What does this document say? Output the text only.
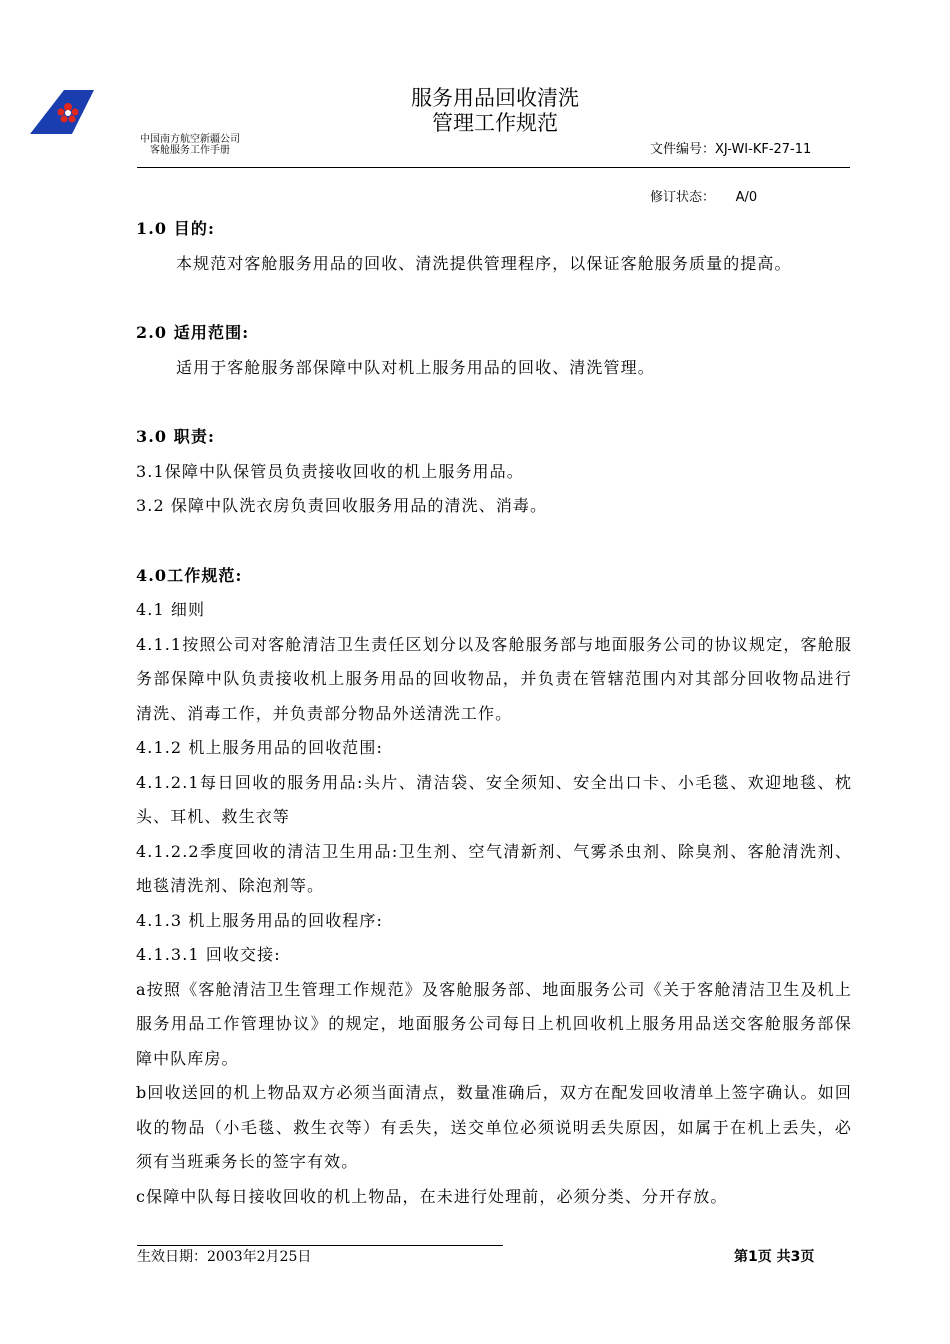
中国南方航空新疆公司
客舱服务工作手册
服务用品回收清洗
管理工作规范

文件编号：XJ-WI-KF-27-11

修订状态：     A/0

1.0 目的:
本规范对客舱服务用品的回收、清洗提供管理程序，以保证客舱服务质量的提高。
2.0 适用范围:
适用于客舱服务部保障中队对机上服务用品的回收、清洗管理。
3.0 职责:
3.1保障中队保管员负责接收回收的机上服务用品。
3.2 保障中队洗衣房负责回收服务用品的清洗、消毒。
4.0工作规范:
4.1 细则
4.1.1按照公司对客舱清洁卫生责任区划分以及客舱服务部与地面服务公司的协议规定，客舱服务部保障中队负责接收机上服务用品的回收物品，并负责在管辖范围内对其部分回收物品进行清洗、消毒工作，并负责部分物品外送清洗工作。
4.1.2 机上服务用品的回收范围:
4.1.2.1每日回收的服务用品:头片、清洁袋、安全须知、安全出口卡、小毛毯、欢迎地毯、枕头、耳机、救生衣等
4.1.2.2季度回收的清洁卫生用品:卫生剂、空气清新剂、气雾杀虫剂、除臭剂、客舱清洗剂、地毯清洗剂、除泡剂等。
4.1.3 机上服务用品的回收程序:
4.1.3.1 回收交接:
a按照《客舱清洁卫生管理工作规范》及客舱服务部、地面服务公司《关于客舱清洁卫生及机上服务用品工作管理协议》的规定，地面服务公司每日上机回收机上服务用品送交客舱服务部保障中队库房。
b回收送回的机上物品双方必须当面清点，数量准确后，双方在配发回收清单上签字确认。如回收的物品（小毛毯、救生衣等）有丢失，送交单位必须说明丢失原因，如属于在机上丢失，必须有当班乘务长的签字有效。
c保障中队每日接收回收的机上物品，在未进行处理前，必须分类、分开存放。
生效日期：2003年2月25日	第1页 共3页
